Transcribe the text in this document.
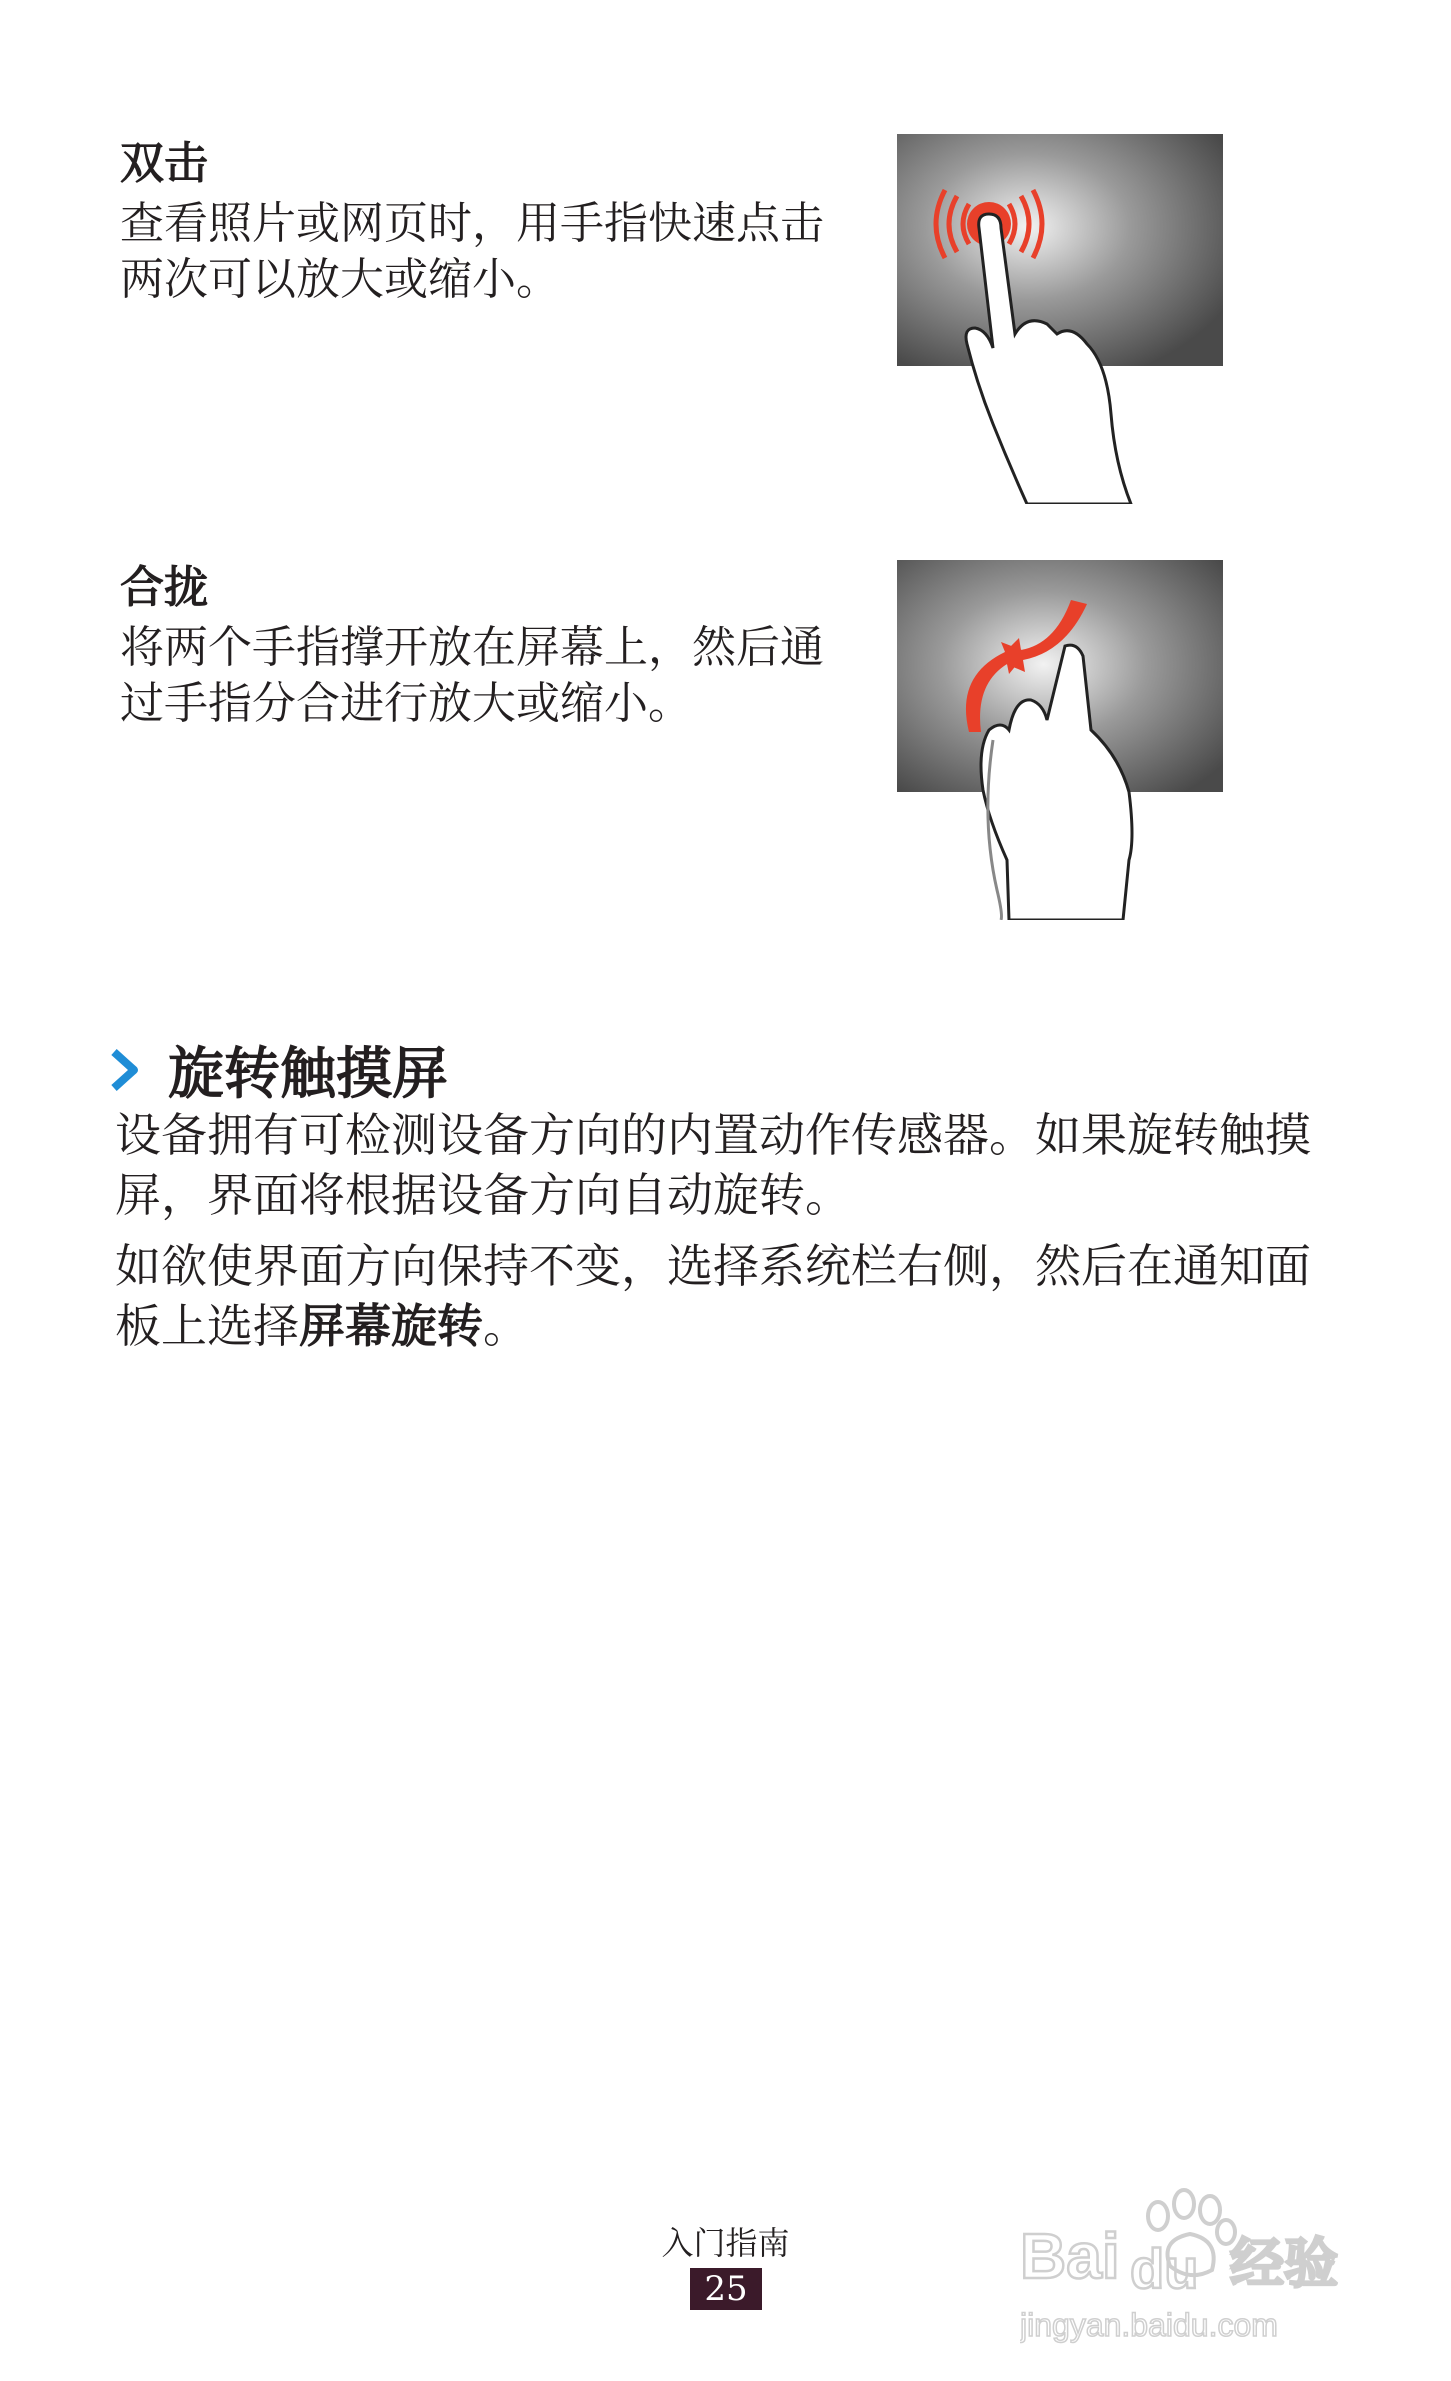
双击

查看照片或网页时，用手指快速点击两次可以放大或缩小。

合拢

将两个手指撑开放在屏幕上，然后通过手指分合进行放大或缩小。

旋转触摸屏

设备拥有可检测设备方向的内置动作传感器。如果旋转触摸屏，界面将根据设备方向自动旋转。

如欲使界面方向保持不变，选择系统栏右侧，然后在通知面板上选择屏幕旋转。

入门指南
25	Bai du 经验
jingyan.baidu.com
